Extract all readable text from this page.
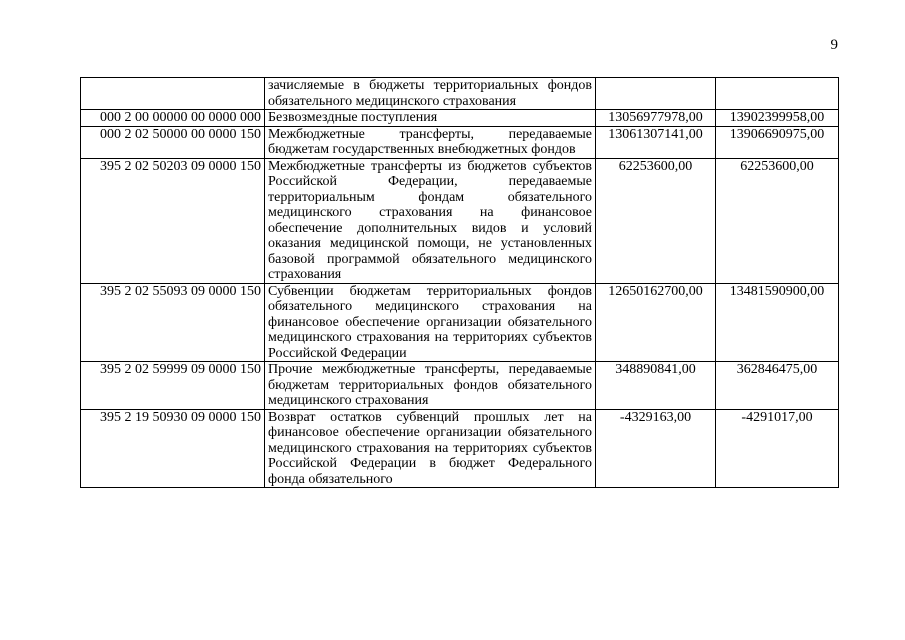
9
	зачисляемые в бюджеты территориальных фондов обязательного медицинского страхования		
000 2 00 00000 00 0000 000	Безвозмездные поступления	13056977978,00	13902399958,00
000 2 02 50000 00 0000 150	Межбюджетные трансферты, передаваемые бюджетам государственных внебюджетных фондов	13061307141,00	13906690975,00
395 2 02 50203 09 0000 150	Межбюджетные трансферты из бюджетов субъектов Российской Федерации, передаваемые территориальным фондам обязательного медицинского страхования на финансовое обеспечение дополнительных видов и условий оказания медицинской помощи, не установленных базовой программой обязательного медицинского страхования	62253600,00	62253600,00
395 2 02 55093 09 0000 150	Субвенции бюджетам территориальных фондов обязательного медицинского страхования на финансовое обеспечение организации обязательного медицинского страхования на территориях субъектов Российской Федерации	12650162700,00	13481590900,00
395 2 02 59999 09 0000 150	Прочие межбюджетные трансферты, передаваемые бюджетам территориальных фондов обязательного медицинского страхования	348890841,00	362846475,00
395 2 19 50930 09 0000 150	Возврат остатков субвенций прошлых лет на финансовое обеспечение организации обязательного медицинского страхования на территориях субъектов Российской Федерации в бюджет Федерального фонда обязательного	-4329163,00	-4291017,00
